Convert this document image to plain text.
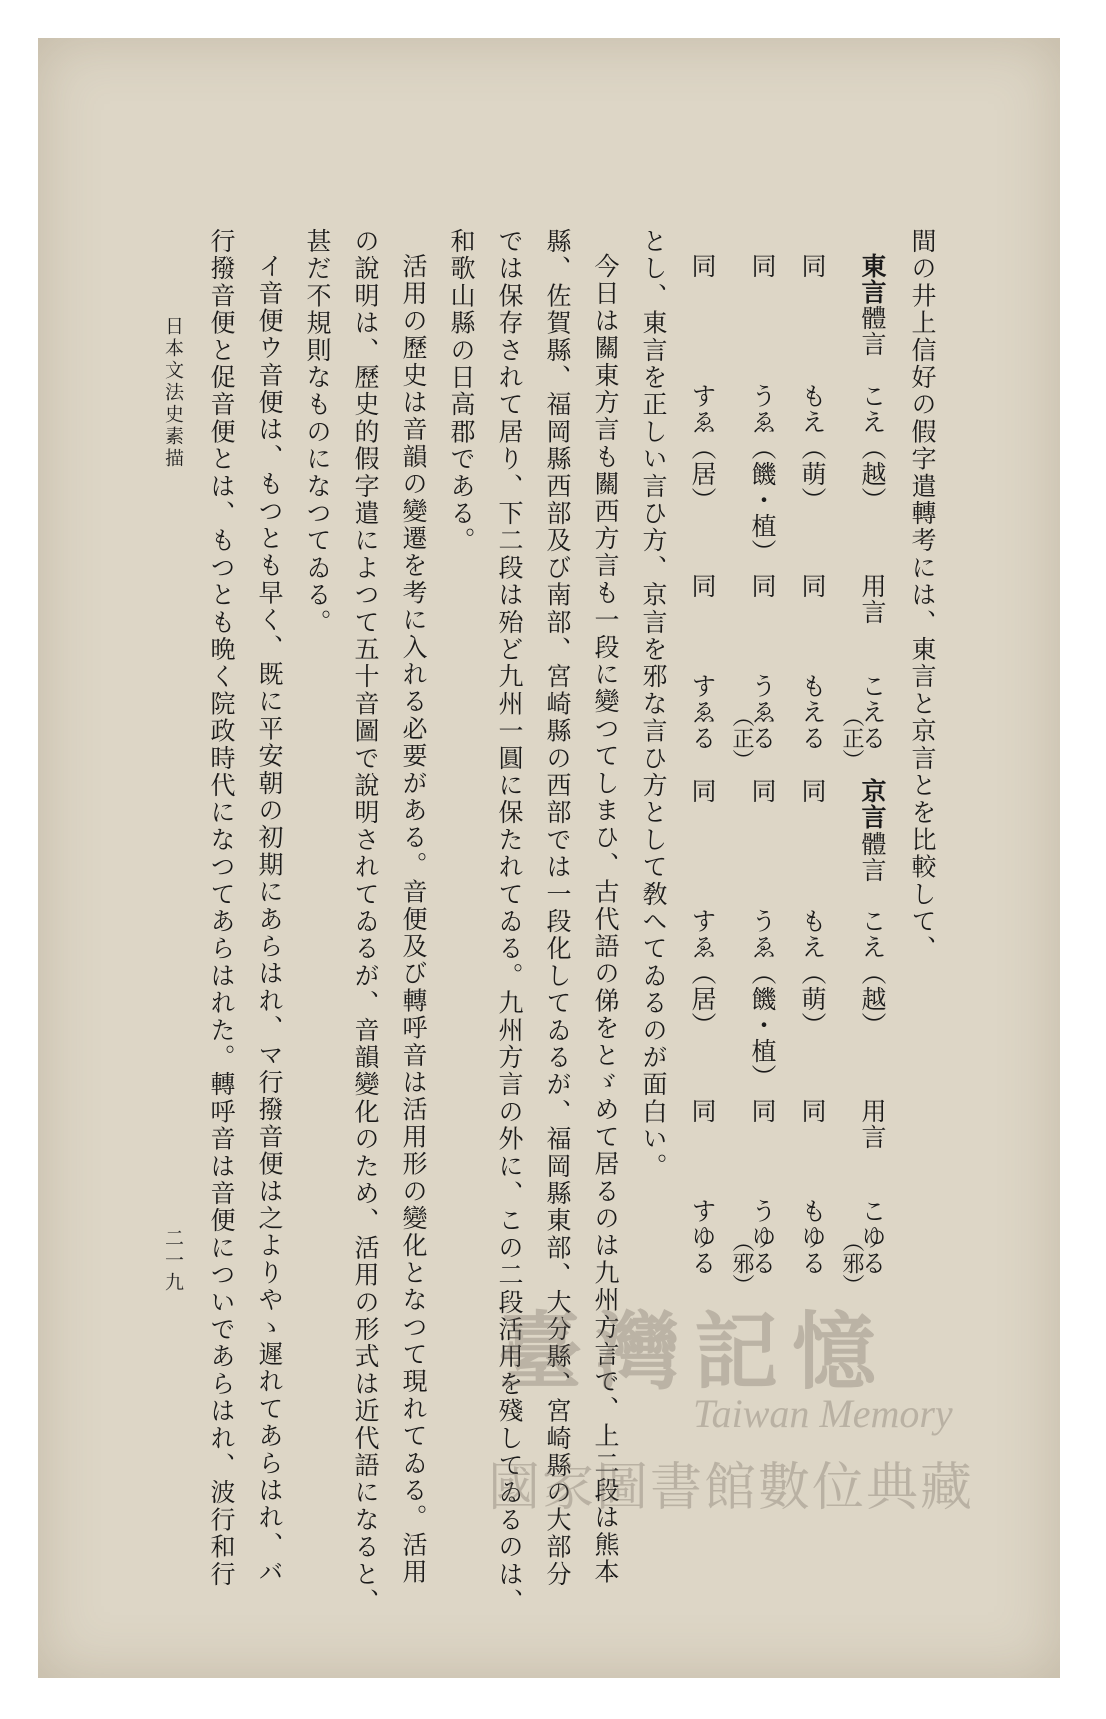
間の井上信好の假字遣轉考には、東言と京言とを比較して、
東言
體言
こえ（越）
用言
こえる
（正）
京言
體言
こえ（越）
用言
こゆる
（邪）
同
もえ（萌）
同
もえる
同
もえ（萌）
同
もゆる
同
うゑ（饑・植）
同
うゑる
（正）
同
うゑ（饑・植）
同
うゆる
（邪）
同
すゑ（居）
同
すゑる
同
すゑ（居）
同
すゆる
とし、東言を正しい言ひ方、京言を邪な言ひ方として敎へてゐるのが面白い。
今日は關東方言も關西方言も一段に變つてしまひ、古代語の俤をとゞめて居るのは九州方言で、上二段は熊本
縣、佐賀縣、福岡縣西部及び南部、宮崎縣の西部では一段化してゐるが、福岡縣東部、大分縣、宮崎縣の大部分
では保存されて居り、下二段は殆ど九州一圓に保たれてゐる。九州方言の外に、この二段活用を殘してゐるのは、
和歌山縣の日高郡である。
活用の歷史は音韻の變遷を考に入れる必要がある。音便及び轉呼音は活用形の變化となつて現れてゐる。活用
の說明は、歷史的假字遣によつて五十音圖で說明されてゐるが、音韻變化のため、活用の形式は近代語になると、
甚だ不規則なものになつてゐる。
イ音便ウ音便は、もつとも早く、既に平安朝の初期にあらはれ、マ行撥音便は之よりやゝ遲れてあらはれ、バ
行撥音便と促音便とは、もつとも晩く院政時代になつてあらはれた。轉呼音は音便についであらはれ、波行和行
日本文法史素描
二一九
臺灣記憶
Taiwan Memory
國家圖書館數位典藏
